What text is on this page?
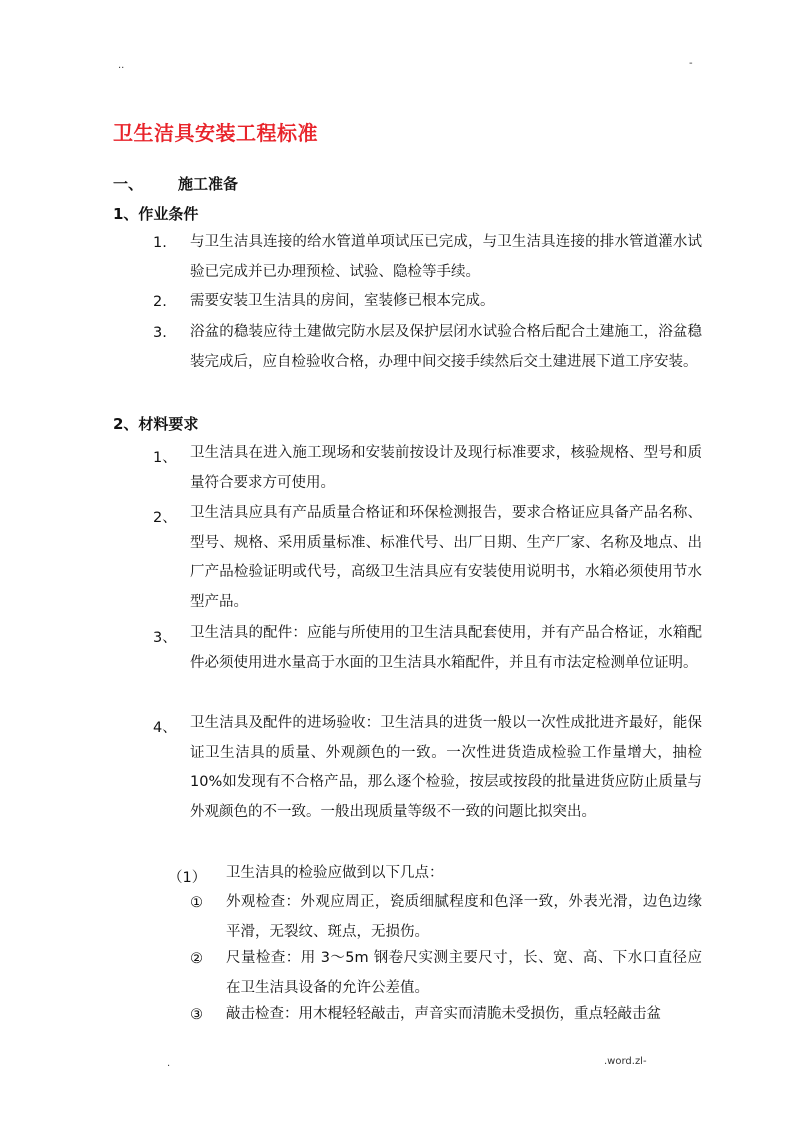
..	-
卫生洁具安装工程标准
一、 施工准备
1、作业条件
1. 与卫生洁具连接的给水管道单项试压已完成，与卫生洁具连接的排水管道灌水试验已完成并已办理预检、试验、隐检等手续。
2. 需要安装卫生洁具的房间，室装修已根本完成。
3. 浴盆的稳装应待土建做完防水层及保护层闭水试验合格后配合土建施工，浴盆稳装完成后，应自检验收合格，办理中间交接手续然后交土建进展下道工序安装。
2、材料要求
1、 卫生洁具在进入施工现场和安装前按设计及现行标准要求，核验规格、型号和质量符合要求方可使用。
2、 卫生洁具应具有产品质量合格证和环保检测报告，要求合格证应具备产品名称、型号、规格、采用质量标准、标准代号、出厂日期、生产厂家、名称及地点、出厂产品检验证明或代号，高级卫生洁具应有安装使用说明书，水箱必须使用节水型产品。
3、 卫生洁具的配件：应能与所使用的卫生洁具配套使用，并有产品合格证，水箱配件必须使用进水量高于水面的卫生洁具水箱配件，并且有市法定检测单位证明。
4、 卫生洁具及配件的进场验收：卫生洁具的进货一般以一次性成批进齐最好，能保证卫生洁具的质量、外观颜色的一致。一次性进货造成检验工作量增大，抽检 10%如发现有不合格产品，那么逐个检验，按层或按段的批量进货应防止质量与外观颜色的不一致。一般出现质量等级不一致的问题比拟突出。
（1） 卫生洁具的检验应做到以下几点：
① 外观检查：外观应周正，瓷质细腻程度和色泽一致，外表光滑，边色边缘平滑，无裂纹、斑点，无损伤。
② 尺量检查：用 3～5m 钢卷尺实测主要尺寸，长、宽、高、下水口直径应在卫生洁具设备的允许公差值。
③ 敲击检查：用木棍轻轻敲击，声音实而清脆未受损伤，重点轻敲击盆
.	.word.zl-
